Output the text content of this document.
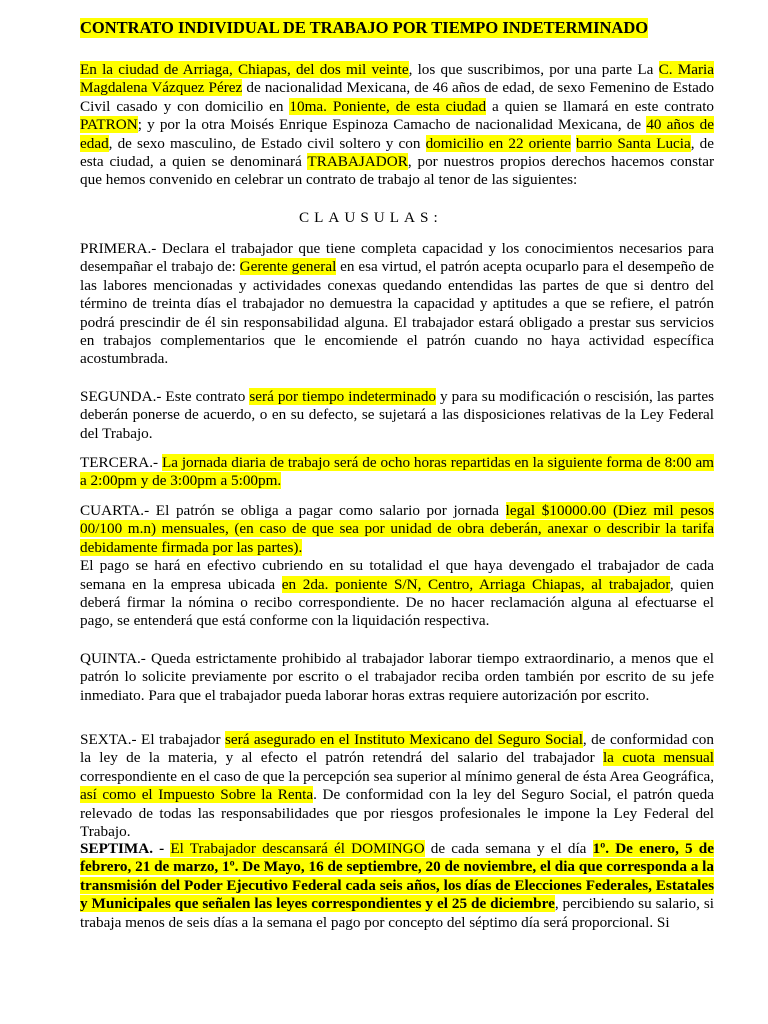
CONTRATO INDIVIDUAL DE TRABAJO POR TIEMPO INDETERMINADO
En la ciudad de Arriaga, Chiapas, del dos mil veinte, los que suscribimos, por una parte La C. Maria Magdalena Vázquez Pérez de nacionalidad Mexicana, de 46 años de edad, de sexo Femenino de Estado Civil casado y con domicilio en 10ma. Poniente, de esta ciudad a quien se llamará en este contrato PATRON; y por la otra Moisés Enrique Espinoza Camacho de nacionalidad Mexicana, de 40 años de edad, de sexo masculino, de Estado civil soltero y con domicilio en 22 oriente barrio Santa Lucia, de esta ciudad, a quien se denominará TRABAJADOR, por nuestros propios derechos hacemos constar que hemos convenido en celebrar un contrato de trabajo al tenor de las siguientes:
CLAUSULAS:
PRIMERA.- Declara el trabajador que tiene completa capacidad y los conocimientos necesarios para desempañar el trabajo de: Gerente general en esa virtud, el patrón acepta ocuparlo para el desempeño de las labores mencionadas y actividades conexas quedando entendidas las partes de que si dentro del término de treinta días el trabajador no demuestra la capacidad y aptitudes a que se refiere, el patrón podrá prescindir de él sin responsabilidad alguna. El trabajador estará obligado a prestar sus servicios en trabajos complementarios que le encomiende el patrón cuando no haya actividad específica acostumbrada.
SEGUNDA.- Este contrato será por tiempo indeterminado y para su modificación o rescisión, las partes deberán ponerse de acuerdo, o en su defecto, se sujetará a las disposiciones relativas de la Ley Federal del Trabajo.
TERCERA.- La jornada diaria de trabajo será de ocho horas repartidas en la siguiente forma de 8:00 am a 2:00pm y de 3:00pm a 5:00pm.
CUARTA.- El patrón se obliga a pagar como salario por jornada legal $10000.00 (Diez mil pesos 00/100 m.n) mensuales, (en caso de que sea por unidad de obra deberán, anexar o describir la tarifa debidamente firmada por las partes).
El pago se hará en efectivo cubriendo en su totalidad el que haya devengado el trabajador de cada semana en la empresa ubicada en 2da. poniente S/N, Centro, Arriaga Chiapas, al trabajador, quien deberá firmar la nómina o recibo correspondiente. De no hacer reclamación alguna al efectuarse el pago, se entenderá que está conforme con la liquidación respectiva.
QUINTA.- Queda estrictamente prohibido al trabajador laborar tiempo extraordinario, a menos que el patrón lo solicite previamente por escrito o el trabajador reciba orden también por escrito de su jefe inmediato. Para que el trabajador pueda laborar horas extras requiere autorización por escrito.
SEXTA.- El trabajador será asegurado en el Instituto Mexicano del Seguro Social, de conformidad con la ley de la materia, y al efecto el patrón retendrá del salario del trabajador la cuota mensual correspondiente en el caso de que la percepción sea superior al mínimo general de ésta Area Geográfica, así como el Impuesto Sobre la Renta. De conformidad con la ley del Seguro Social, el patrón queda relevado de todas las responsabilidades que por riesgos profesionales le impone la Ley Federal del Trabajo.
SEPTIMA. - El Trabajador descansará él DOMINGO de cada semana y el día 1º. De enero, 5 de febrero, 21 de marzo, 1º. De Mayo, 16 de septiembre, 20 de noviembre, el dia que corresponda a la transmisión del Poder Ejecutivo Federal cada seis años, los días de Elecciones Federales, Estatales y Municipales que señalen las leyes correspondientes y el 25 de diciembre, percibiendo su salario, si trabaja menos de seis días a la semana el pago por concepto del séptimo día será proporcional. Si
